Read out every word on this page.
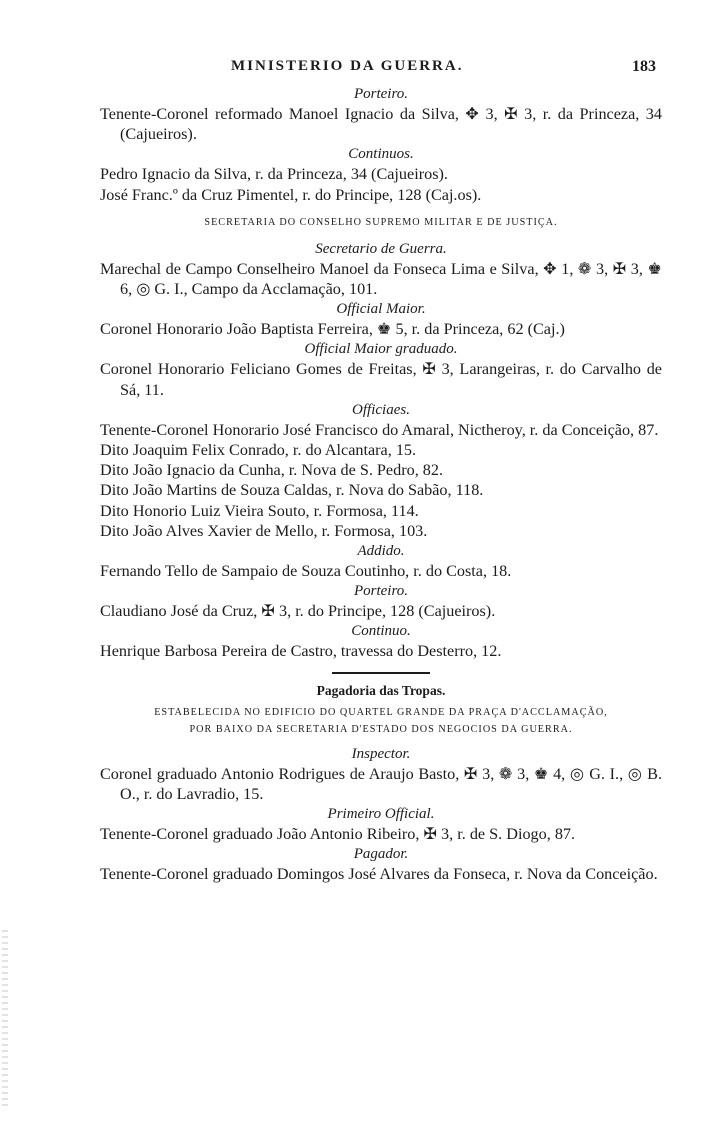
MINISTERIO DA GUERRA.	183

Porteiro.

Tenente-Coronel reformado Manoel Ignacio da Silva, ✥ 3, ✠ 3, r. da Princeza, 34 (Cajueiros).

Continuos.

Pedro Ignacio da Silva, r. da Princeza, 34 (Cajueiros).

José Franc.º da Cruz Pimentel, r. do Principe, 128 (Caj.os).

SECRETARIA DO CONSELHO SUPREMO MILITAR E DE JUSTIÇA.

Secretario de Guerra.

Marechal de Campo Conselheiro Manoel da Fonseca Lima e Silva, ✥ 1, ❁ 3, ✠ 3, ♚ 6, ◎ G. I., Campo da Acclamação, 101.

Official Maior.

Coronel Honorario João Baptista Ferreira, ♚ 5, r. da Princeza, 62 (Caj.)

Official Maior graduado.

Coronel Honorario Feliciano Gomes de Freitas, ✠ 3, Larangeiras, r. do Carvalho de Sá, 11.

Officiaes.

Tenente-Coronel Honorario José Francisco do Amaral, Nictheroy, r. da Conceição, 87.

Dito Joaquim Felix Conrado, r. do Alcantara, 15.

Dito João Ignacio da Cunha, r. Nova de S. Pedro, 82.

Dito João Martins de Souza Caldas, r. Nova do Sabão, 118.

Dito Honorio Luiz Vieira Souto, r. Formosa, 114.

Dito João Alves Xavier de Mello, r. Formosa, 103.

Addido.

Fernando Tello de Sampaio de Souza Coutinho, r. do Costa, 18.

Porteiro.

Claudiano José da Cruz, ✠ 3, r. do Principe, 128 (Cajueiros).

Continuo.

Henrique Barbosa Pereira de Castro, travessa do Desterro, 12.

Pagadoria das Tropas.

ESTABELECIDA NO EDIFICIO DO QUARTEL GRANDE DA PRAÇA D'ACCLAMAÇÃO,
POR BAIXO DA SECRETARIA D'ESTADO DOS NEGOCIOS DA GUERRA.

Inspector.

Coronel graduado Antonio Rodrigues de Araujo Basto, ✠ 3, ❁ 3, ♚ 4, ◎ G. I., ◎ B. O., r. do Lavradio, 15.

Primeiro Official.

Tenente-Coronel graduado João Antonio Ribeiro, ✠ 3, r. de S. Diogo, 87.

Pagador.

Tenente-Coronel graduado Domingos José Alvares da Fonseca, r. Nova da Conceição.
